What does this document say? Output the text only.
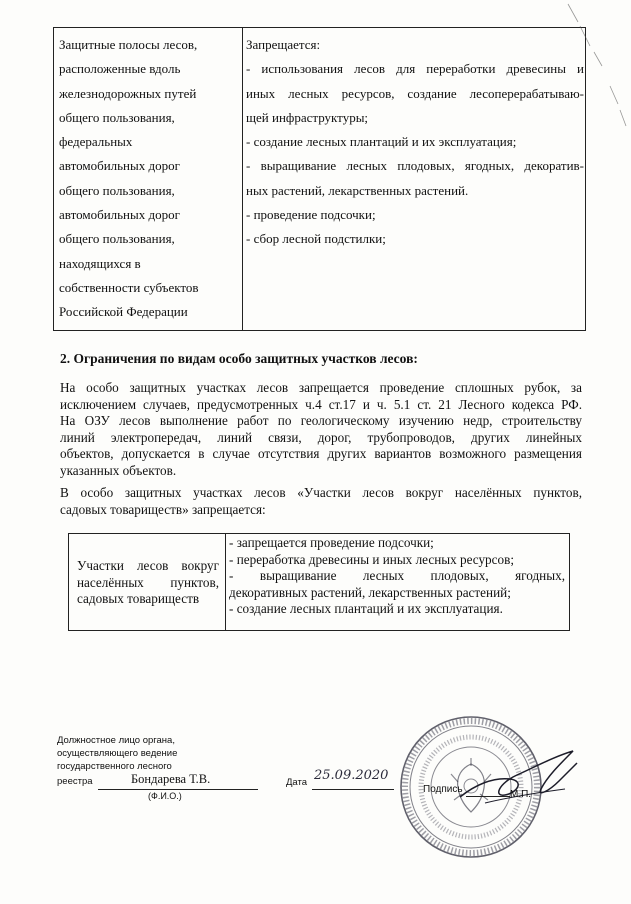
Защитные полосы лесов,
расположенные вдоль
железнодорожных путей
общего пользования,
федеральных
автомобильных дорог
общего пользования,
автомобильных дорог
общего пользования,
находящихся в
собственности субъектов
Российской Федерации
Запрещается:
- использования лесов для переработки древесины и
иных лесных ресурсов, создание лесоперерабатываю-
щей инфраструктуры;
- создание лесных плантаций и их эксплуатация;
- выращивание лесных плодовых, ягодных, декоратив-
ных растений, лекарственных растений.
- проведение подсочки;
- сбор лесной подстилки;
2. Ограничения по видам особо защитных участков лесов:
На особо защитных участках лесов запрещается проведение сплошных рубок, за
исключением случаев, предусмотренных ч.4 ст.17 и ч. 5.1 ст. 21 Лесного кодекса РФ.
На ОЗУ лесов выполнение работ по геологическому изучению недр, строительству
линий электропередач, линий связи, дорог, трубопроводов, других линейных
объектов, допускается в случае отсутствия других вариантов возможного размещения
указанных объектов.
В особо защитных участках лесов «Участки лесов вокруг населённых пунктов,
садовых товариществ» запрещается:
Участки лесов вокруг населённых пунктов, садовых товариществ
- запрещается проведение подсочки;
- переработка древесины и иных лесных ресурсов;
- выращивание лесных плодовых, ягодных,
декоративных растений, лекарственных растений;
- создание лесных плантаций и их эксплуатация.
Должностное лицо органа,
осуществляющего ведение
государственного лесного
реестра	Бондарева Т.В.
(Ф.И.О.)
Дата 25.09.2020
Подпись	М.П.
